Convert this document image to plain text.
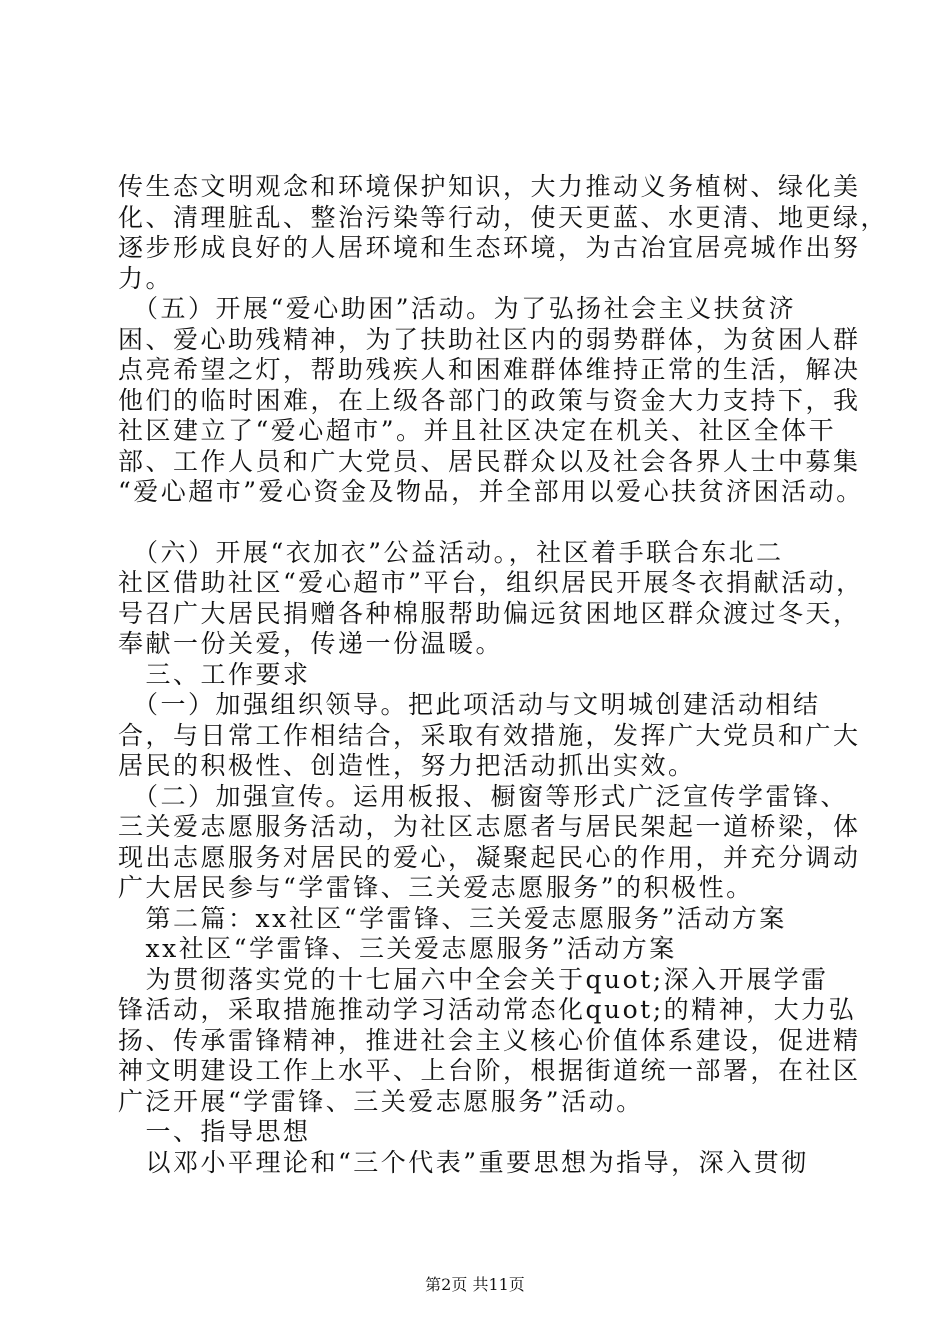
传生态文明观念和环境保护知识，大力推动义务植树、绿化美

化、清理脏乱、整治污染等行动，使天更蓝、水更清、地更绿，

逐步形成良好的人居环境和生态环境，为古冶宜居亮城作出努

力。

　（五）开展“爱心助困”活动。为了弘扬社会主义扶贫济

困、爱心助残精神，为了扶助社区内的弱势群体，为贫困人群

点亮希望之灯，帮助残疾人和困难群体维持正常的生活，解决

他们的临时困难，在上级各部门的政策与资金大力支持下，我

社区建立了“爱心超市”。并且社区决定在机关、社区全体干

部、工作人员和广大党员、居民群众以及社会各界人士中募集

“爱心超市”爱心资金及物品，并全部用以爱心扶贫济困活动。

　（六）开展“衣加衣”公益活动。，社区着手联合东北二

社区借助社区“爱心超市”平台，组织居民开展冬衣捐献活动，

号召广大居民捐赠各种棉服帮助偏远贫困地区群众渡过冬天，

奉献一份关爱，传递一份温暖。

　三、工作要求

　（一）加强组织领导。把此项活动与文明城创建活动相结

合，与日常工作相结合，采取有效措施，发挥广大党员和广大

居民的积极性、创造性，努力把活动抓出实效。

　（二）加强宣传。运用板报、橱窗等形式广泛宣传学雷锋、

三关爱志愿服务活动，为社区志愿者与居民架起一道桥梁，体

现出志愿服务对居民的爱心，凝聚起民心的作用，并充分调动

广大居民参与“学雷锋、三关爱志愿服务”的积极性。

　第二篇：xx社区“学雷锋、三关爱志愿服务”活动方案

　xx社区“学雷锋、三关爱志愿服务”活动方案

　为贯彻落实党的十七届六中全会关于quot;深入开展学雷

锋活动，采取措施推动学习活动常态化quot;的精神，大力弘

扬、传承雷锋精神，推进社会主义核心价值体系建设，促进精

神文明建设工作上水平、上台阶，根据街道统一部署，在社区

广泛开展“学雷锋、三关爱志愿服务”活动。

　一、指导思想

　以邓小平理论和“三个代表”重要思想为指导，深入贯彻

第2页 共11页
